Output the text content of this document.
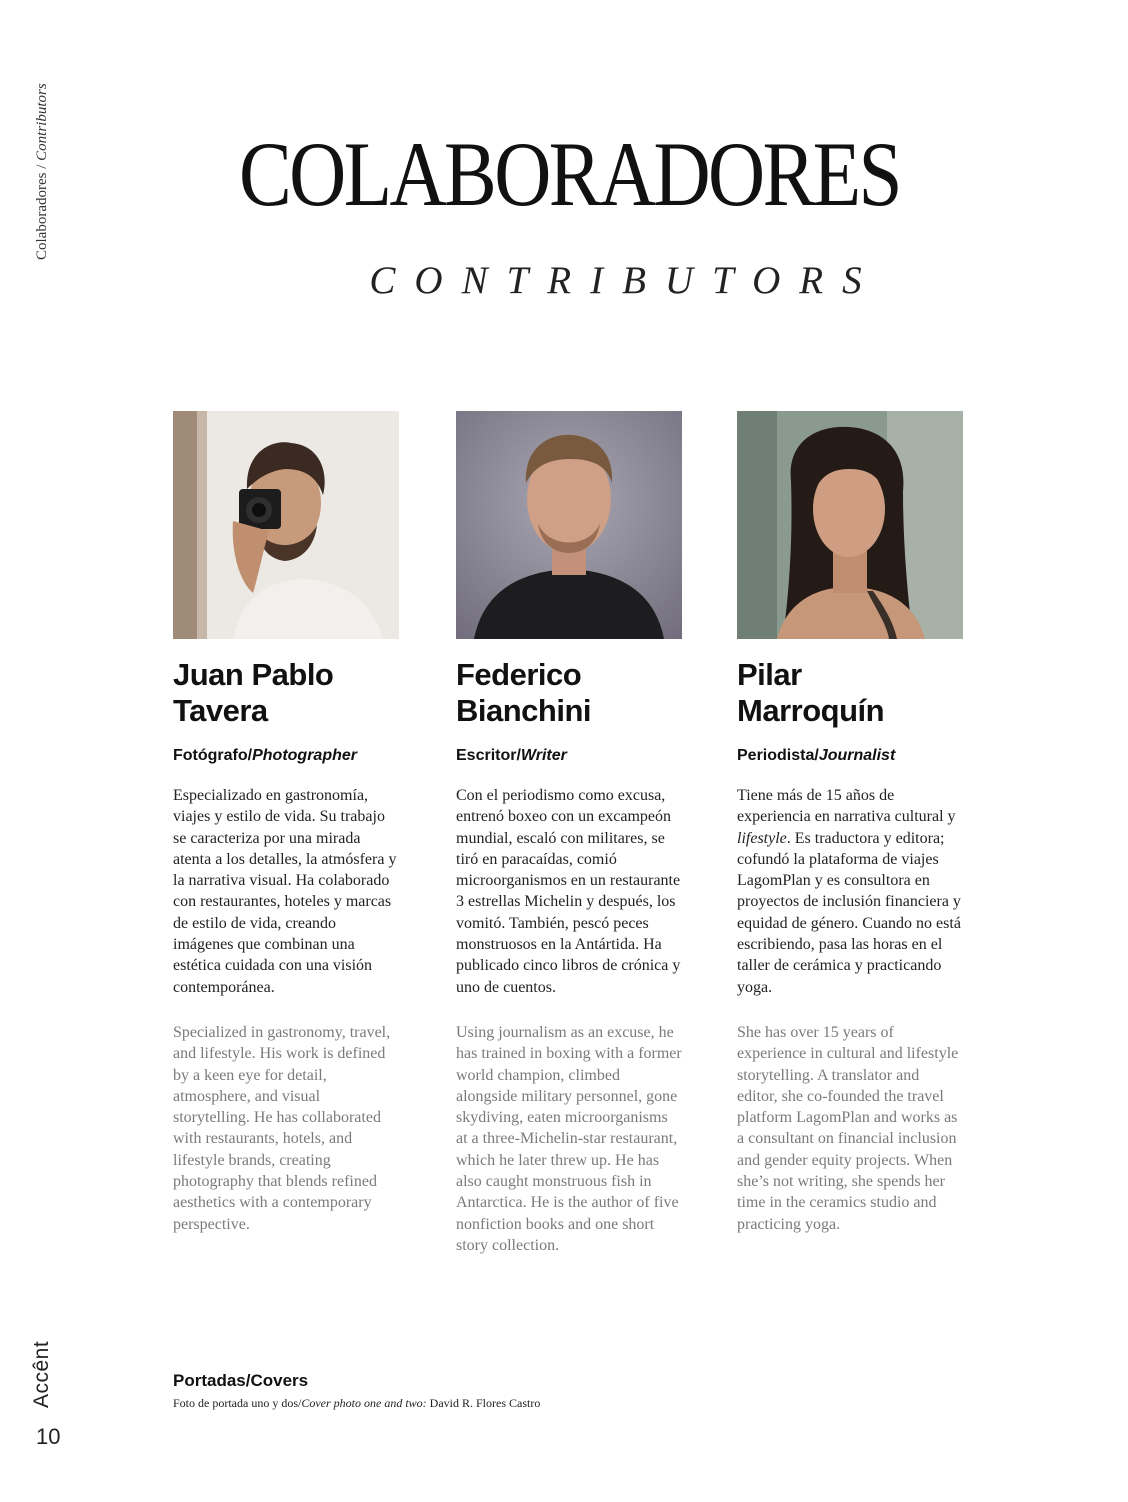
Colaboradores / Contributors
COLABORADORES
CONTRIBUTORS
Juan Pablo
Tavera
Fotógrafo/Photographer
Especializado en gastronomía, viajes y estilo de vida. Su trabajo se caracteriza por una mirada atenta a los detalles, la atmósfera y la narrativa visual. Ha colaborado con restaurantes, hoteles y marcas de estilo de vida, creando imágenes que combinan una estética cuidada con una visión contemporánea.
Specialized in gastronomy, travel, and lifestyle. His work is defined by a keen eye for detail, atmosphere, and visual storytelling. He has collaborated with restaurants, hotels, and lifestyle brands, creating photography that blends refined aesthetics with a contemporary perspective.
Federico
Bianchini
Escritor/Writer
Con el periodismo como excusa, entrenó boxeo con un excampeón mundial, escaló con militares, se tiró en paracaídas, comió microorganismos en un restaurante 3 estrellas Michelin y después, los vomitó. También, pescó peces monstruosos en la Antártida. Ha publicado cinco libros de crónica y uno de cuentos.
Using journalism as an excuse, he has trained in boxing with a former world champion, climbed alongside military personnel, gone skydiving, eaten microorganisms at a three-Michelin-star restaurant, which he later threw up. He has also caught monstruous fish in Antarctica. He is the author of five nonfiction books and one short story collection.
Pilar
Marroquín
Periodista/Journalist
Tiene más de 15 años de experiencia en narrativa cultural y lifestyle. Es traductora y editora; cofundó la plataforma de viajes LagomPlan y es consultora en proyectos de inclusión financiera y equidad de género. Cuando no está escribiendo, pasa las horas en el taller de cerámica y practicando yoga.
She has over 15 years of experience in cultural and lifestyle storytelling. A translator and editor, she co-founded the travel platform LagomPlan and works as a consultant on financial inclusion and gender equity projects. When she’s not writing, she spends her time in the ceramics studio and practicing yoga.
Accênt
10
Portadas/Covers
Foto de portada uno y dos/Cover photo one and two: David R. Flores Castro
